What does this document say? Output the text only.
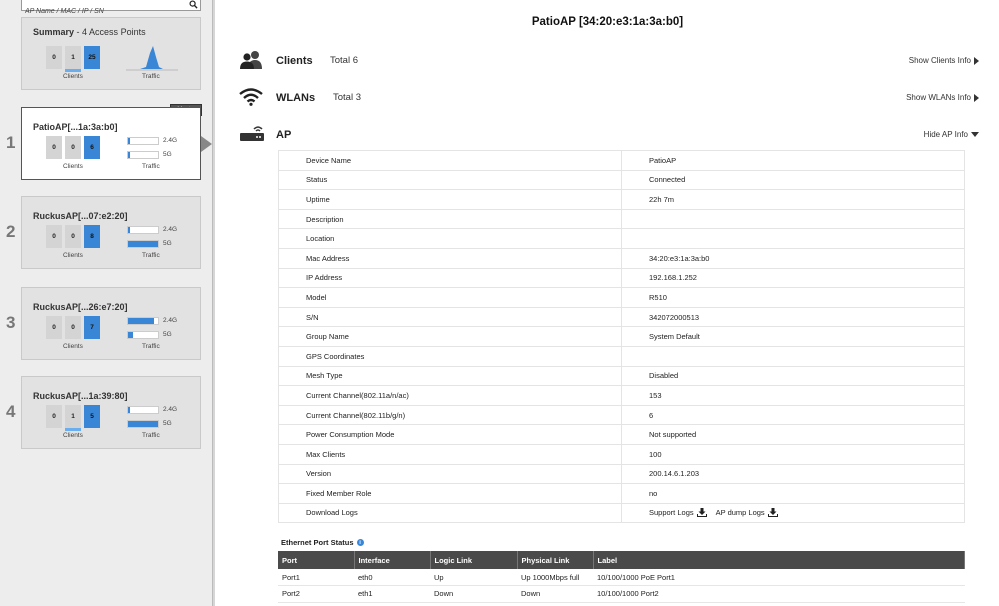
AP Name / MAC / IP / SN
Summary - 4 Access Points
0	1	25
Clients	Traffic
1
PatioAP[...1a:3a:b0]
0	0	6
Clients
2.4G
5G
Traffic
2
RuckusAP[...07:e2:20]
0	0	8
Clients
2.4G
5G
Traffic
3
RuckusAP[...26:e7:20]
0	0	7
Clients
2.4G
5G
Traffic
4
RuckusAP[...1a:39:80]
0	1	5
Clients
2.4G
5G
Traffic
PatioAP [34:20:e3:1a:3a:b0]
Clients Total 6	Show Clients Info
WLANs Total 3	Show WLANs Info
AP	Hide AP Info
Device Name	PatioAP
Status	Connected
Uptime	22h 7m
Description	
Location	
Mac Address	34:20:e3:1a:3a:b0
IP Address	192.168.1.252
Model	R510
S/N	342072000513
Group Name	System Default
GPS Coordinates	
Mesh Type	Disabled
Current Channel(802.11a/n/ac)	153
Current Channel(802.11b/g/n)	6
Power Consumption Mode	Not supported
Max Clients	100
Version	200.14.6.1.203
Fixed Member Role	no
Download Logs	Support Logs AP dump Logs
Ethernet Port Status	i
Port	Interface	Logic Link	Physical Link	Label
Port1	eth0	Up	Up 1000Mbps full	10/100/1000 PoE Port1
Port2	eth1	Down	Down	10/100/1000 Port2
